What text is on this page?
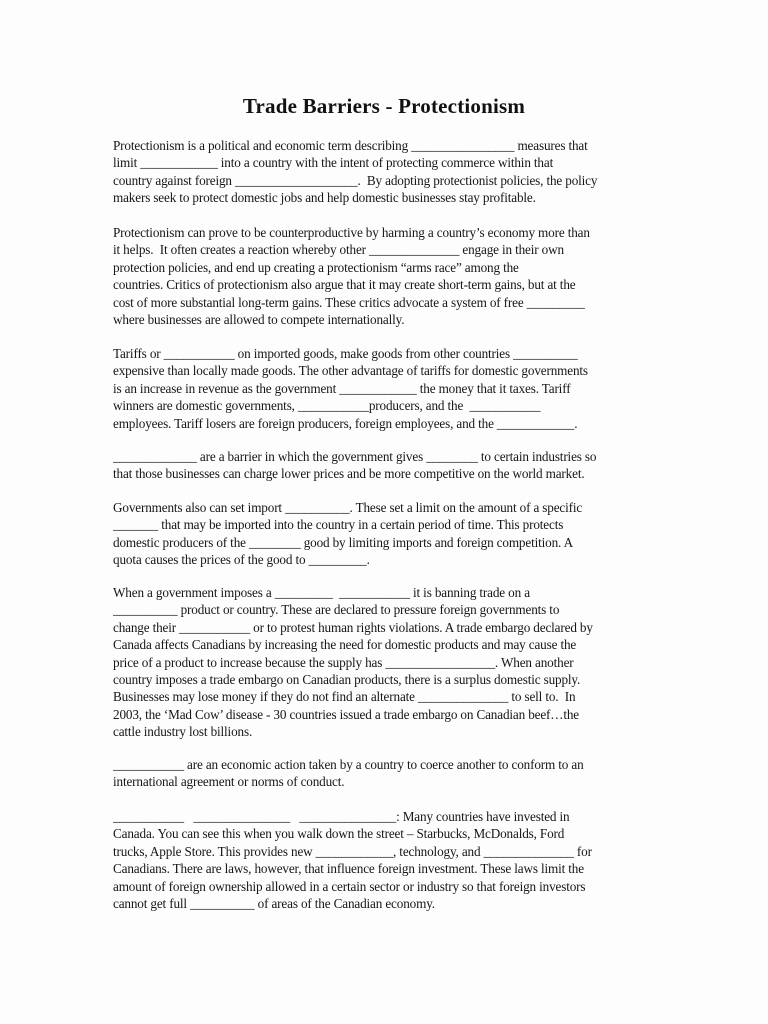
Trade Barriers - Protectionism
Protectionism is a political and economic term describing ________________ measures that
limit ____________ into a country with the intent of protecting commerce within that
country against foreign ___________________.  By adopting protectionist policies, the policy
makers seek to protect domestic jobs and help domestic businesses stay profitable.
Protectionism can prove to be counterproductive by harming a country’s economy more than
it helps.  It often creates a reaction whereby other ______________ engage in their own
protection policies, and end up creating a protectionism “arms race” among the
countries. Critics of protectionism also argue that it may create short-term gains, but at the
cost of more substantial long-term gains. These critics advocate a system of free _________
where businesses are allowed to compete internationally.
Tariffs or ___________ on imported goods, make goods from other countries __________
expensive than locally made goods. The other advantage of tariffs for domestic governments
is an increase in revenue as the government ____________ the money that it taxes. Tariff
winners are domestic governments, ___________producers, and the  ___________
employees. Tariff losers are foreign producers, foreign employees, and the ____________.
_____________ are a barrier in which the government gives ________ to certain industries so
that those businesses can charge lower prices and be more competitive on the world market.
Governments also can set import __________. These set a limit on the amount of a specific
_______ that may be imported into the country in a certain period of time. This protects
domestic producers of the ________ good by limiting imports and foreign competition. A
quota causes the prices of the good to _________.
When a government imposes a _________  ___________ it is banning trade on a
__________ product or country. These are declared to pressure foreign governments to
change their ___________ or to protest human rights violations. A trade embargo declared by
Canada affects Canadians by increasing the need for domestic products and may cause the
price of a product to increase because the supply has _________________. When another
country imposes a trade embargo on Canadian products, there is a surplus domestic supply.
Businesses may lose money if they do not find an alternate ______________ to sell to.  In
2003, the ‘Mad Cow’ disease - 30 countries issued a trade embargo on Canadian beef…the
cattle industry lost billions.
___________ are an economic action taken by a country to coerce another to conform to an
international agreement or norms of conduct.
___________   _______________   _______________: Many countries have invested in
Canada. You can see this when you walk down the street – Starbucks, McDonalds, Ford
trucks, Apple Store. This provides new ____________, technology, and ______________ for
Canadians. There are laws, however, that influence foreign investment. These laws limit the
amount of foreign ownership allowed in a certain sector or industry so that foreign investors
cannot get full __________ of areas of the Canadian economy.
